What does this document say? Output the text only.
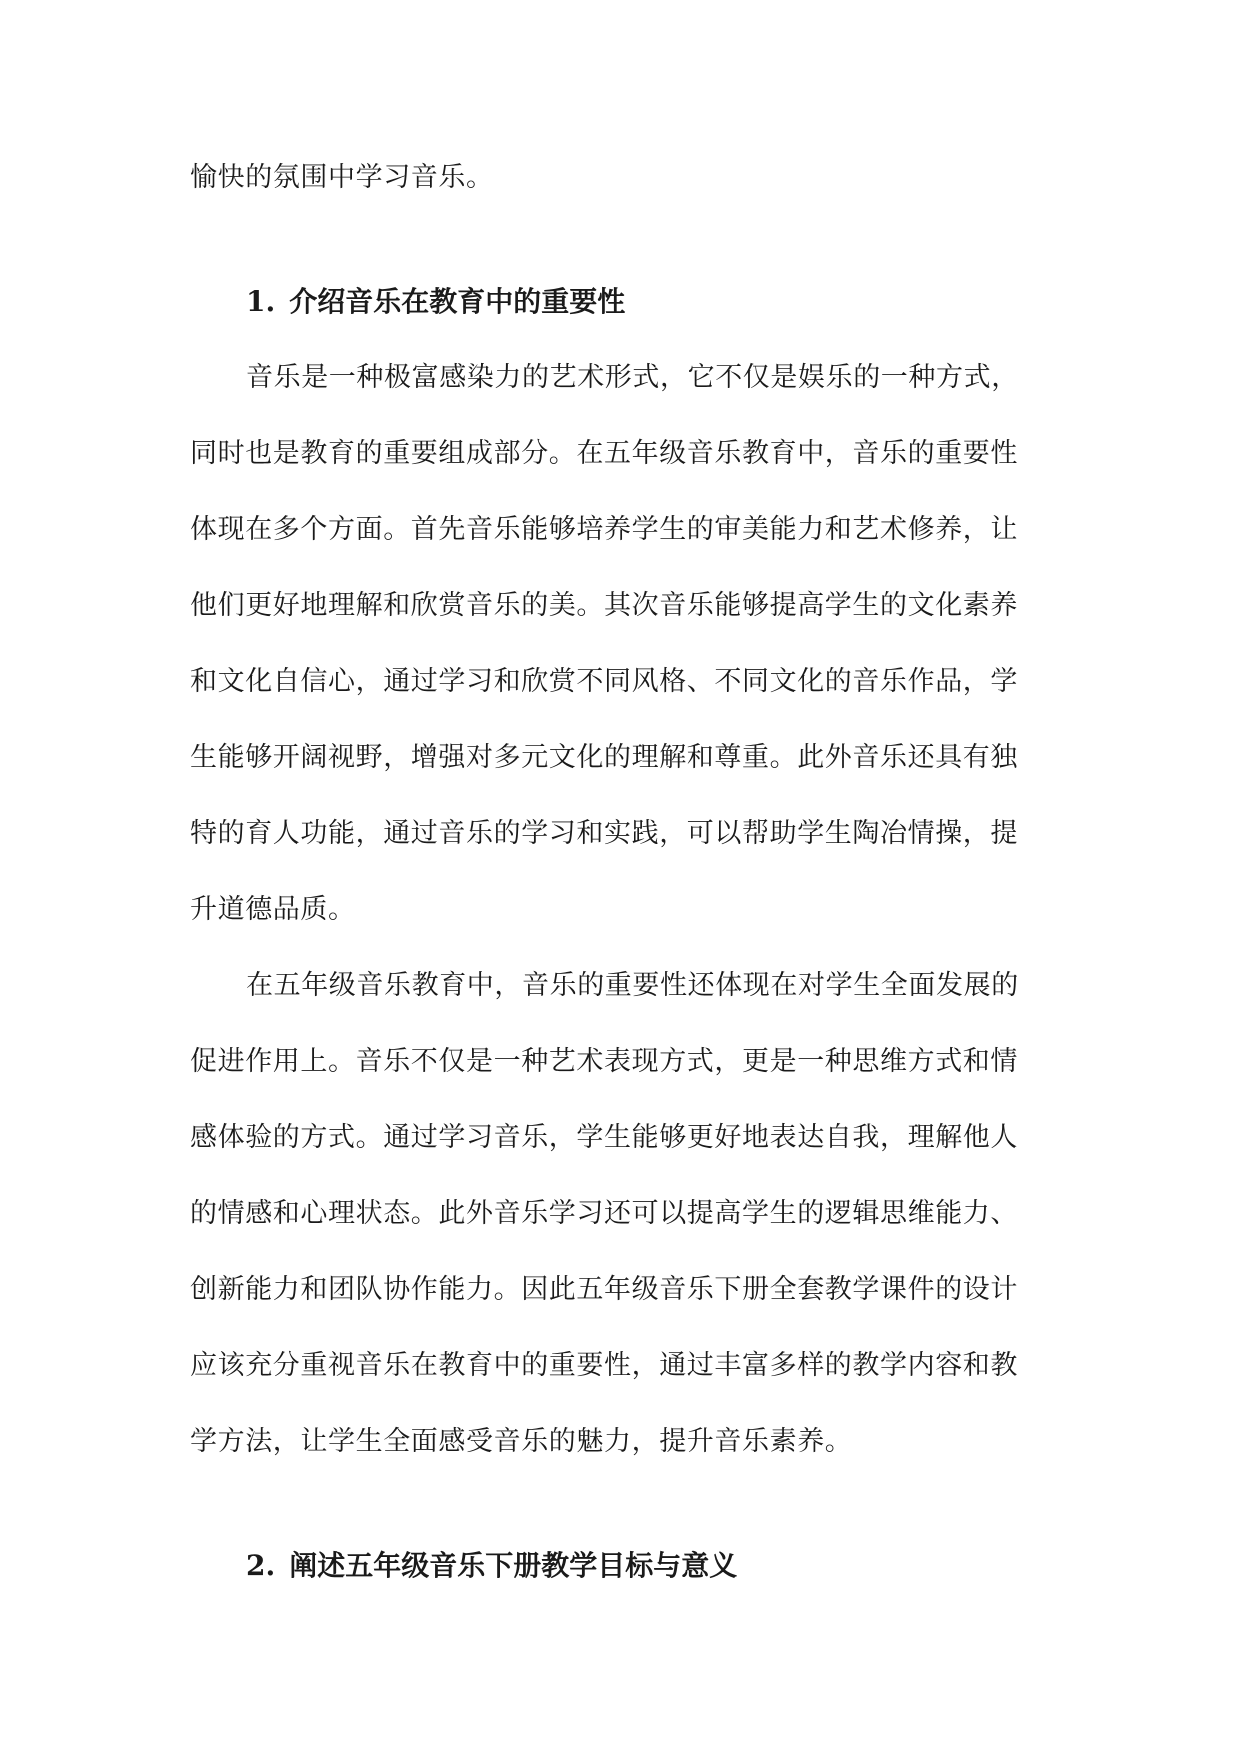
愉快的氛围中学习音乐。
1. 介绍音乐在教育中的重要性
音乐是一种极富感染力的艺术形式，它不仅是娱乐的一种方式，
同时也是教育的重要组成部分。在五年级音乐教育中，音乐的重要性
体现在多个方面。首先音乐能够培养学生的审美能力和艺术修养，让
他们更好地理解和欣赏音乐的美。其次音乐能够提高学生的文化素养
和文化自信心，通过学习和欣赏不同风格、不同文化的音乐作品，学
生能够开阔视野，增强对多元文化的理解和尊重。此外音乐还具有独
特的育人功能，通过音乐的学习和实践，可以帮助学生陶冶情操，提
升道德品质。
在五年级音乐教育中，音乐的重要性还体现在对学生全面发展的
促进作用上。音乐不仅是一种艺术表现方式，更是一种思维方式和情
感体验的方式。通过学习音乐，学生能够更好地表达自我，理解他人
的情感和心理状态。此外音乐学习还可以提高学生的逻辑思维能力、
创新能力和团队协作能力。因此五年级音乐下册全套教学课件的设计
应该充分重视音乐在教育中的重要性，通过丰富多样的教学内容和教
学方法，让学生全面感受音乐的魅力，提升音乐素养。
2. 阐述五年级音乐下册教学目标与意义
